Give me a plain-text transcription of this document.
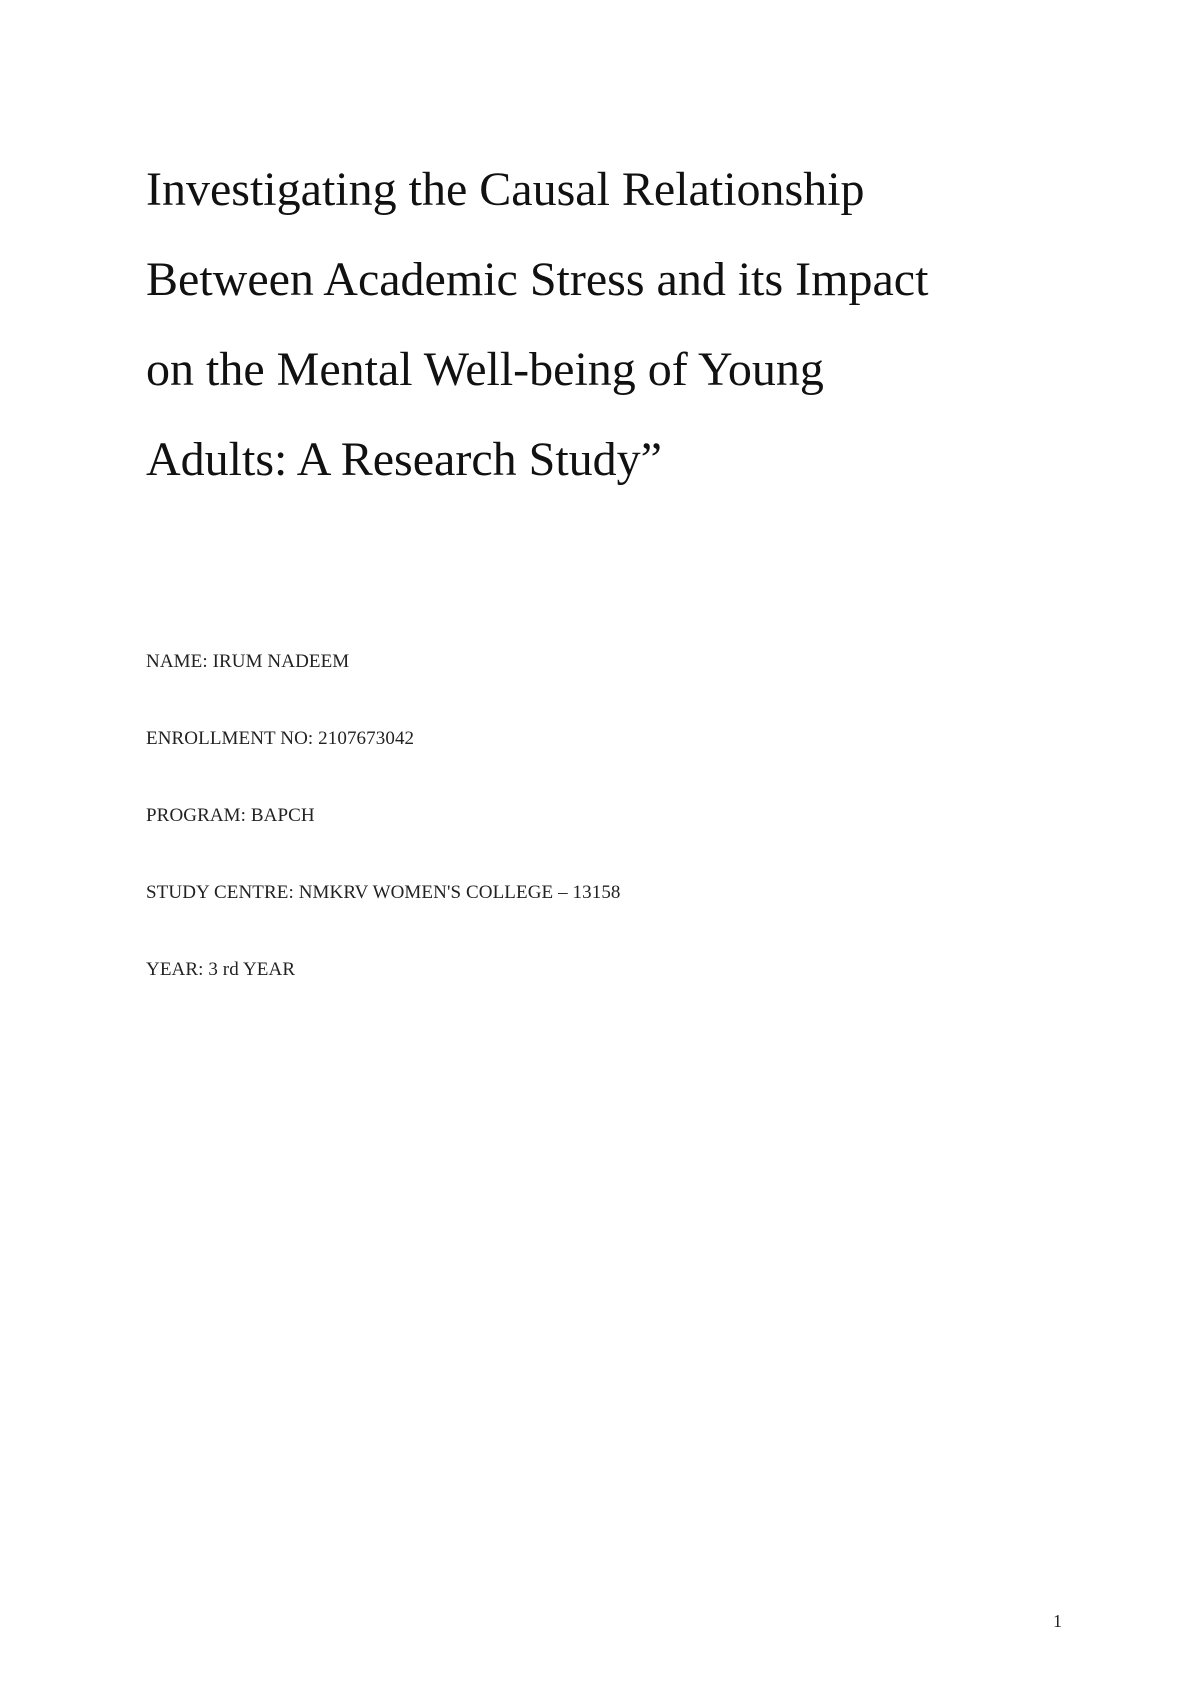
Investigating the Causal Relationship
Between Academic Stress and its Impact
on the Mental Well-being of Young
Adults: A Research Study”
NAME: IRUM NADEEM
ENROLLMENT NO: 2107673042
PROGRAM: BAPCH
STUDY CENTRE: NMKRV WOMEN'S COLLEGE – 13158
YEAR: 3 rd YEAR
1
